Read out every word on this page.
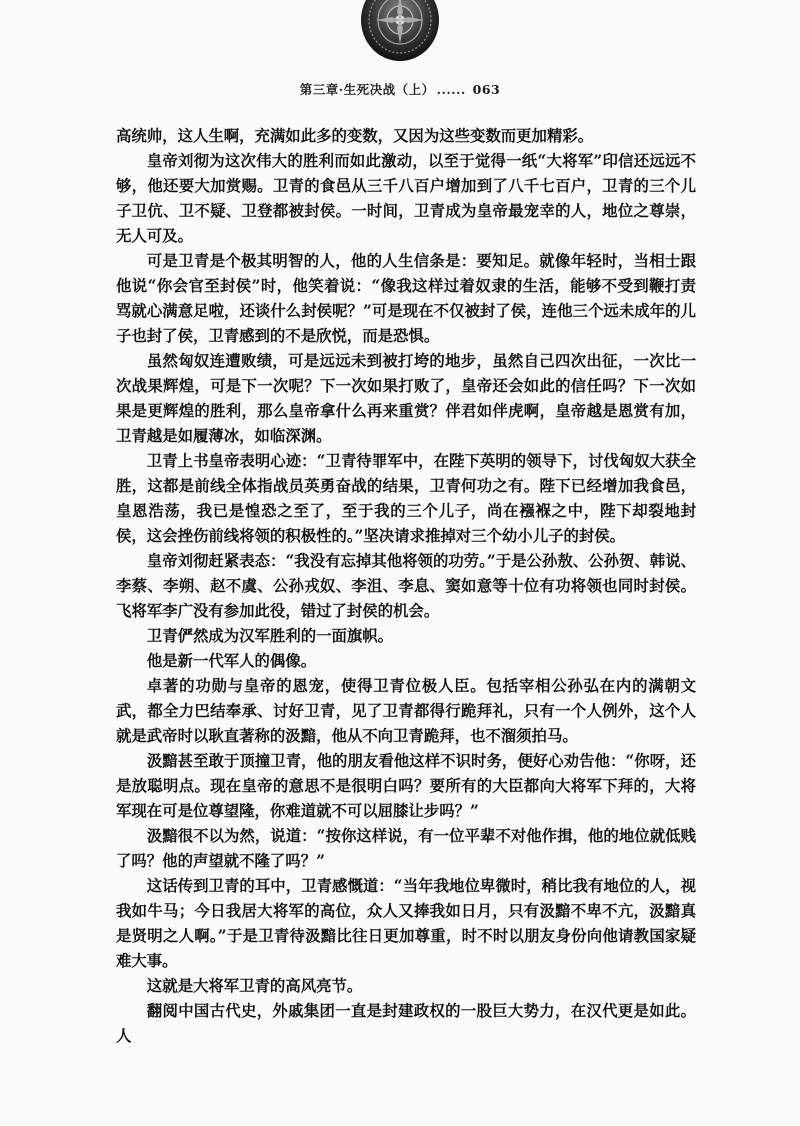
第三章·生死决战（上） ...... 063

高统帅，这人生啊，充满如此多的变数，又因为这些变数而更加精彩。

皇帝刘彻为这次伟大的胜利而如此激动，以至于觉得一纸“大将军”印信还远远不够，他还要大加赏赐。卫青的食邑从三千八百户增加到了八千七百户，卫青的三个儿子卫伉、卫不疑、卫登都被封侯。一时间，卫青成为皇帝最宠幸的人，地位之尊崇，无人可及。

可是卫青是个极其明智的人，他的人生信条是：要知足。就像年轻时，当相士跟他说“你会官至封侯”时，他笑着说：“像我这样过着奴隶的生活，能够不受到鞭打责骂就心满意足啦，还谈什么封侯呢？”可是现在不仅被封了侯，连他三个远未成年的儿子也封了侯，卫青感到的不是欣悦，而是恐惧。

虽然匈奴连遭败绩，可是远远未到被打垮的地步，虽然自己四次出征，一次比一次战果辉煌，可是下一次呢？下一次如果打败了，皇帝还会如此的信任吗？下一次如果是更辉煌的胜利，那么皇帝拿什么再来重赏？伴君如伴虎啊，皇帝越是恩赏有加，卫青越是如履薄冰，如临深渊。

卫青上书皇帝表明心迹：“卫青待罪军中，在陛下英明的领导下，讨伐匈奴大获全胜，这都是前线全体指战员英勇奋战的结果，卫青何功之有。陛下已经增加我食邑，皇恩浩荡，我已是惶恐之至了，至于我的三个儿子，尚在襁褓之中，陛下却裂地封侯，这会挫伤前线将领的积极性的。”坚决请求推掉对三个幼小儿子的封侯。

皇帝刘彻赶紧表态：“我没有忘掉其他将领的功劳。”于是公孙敖、公孙贺、韩说、李蔡、李朔、赵不虞、公孙戎奴、李沮、李息、窦如意等十位有功将领也同时封侯。飞将军李广没有参加此役，错过了封侯的机会。

卫青俨然成为汉军胜利的一面旗帜。

他是新一代军人的偶像。

卓著的功勋与皇帝的恩宠，使得卫青位极人臣。包括宰相公孙弘在内的满朝文武，都全力巴结奉承、讨好卫青，见了卫青都得行跪拜礼，只有一个人例外，这个人就是武帝时以耿直著称的汲黯，他从不向卫青跪拜，也不溜须拍马。

汲黯甚至敢于顶撞卫青，他的朋友看他这样不识时务，便好心劝告他：“你呀，还是放聪明点。现在皇帝的意思不是很明白吗？要所有的大臣都向大将军下拜的，大将军现在可是位尊望隆，你难道就不可以屈膝让步吗？”

汲黯很不以为然，说道：“按你这样说，有一位平辈不对他作揖，他的地位就低贱了吗？他的声望就不隆了吗？”

这话传到卫青的耳中，卫青感慨道：“当年我地位卑微时，稍比我有地位的人，视我如牛马；今日我居大将军的高位，众人又捧我如日月，只有汲黯不卑不亢，汲黯真是贤明之人啊。”于是卫青待汲黯比往日更加尊重，时不时以朋友身份向他请教国家疑难大事。

这就是大将军卫青的高风亮节。

翻阅中国古代史，外戚集团一直是封建政权的一股巨大势力，在汉代更是如此。人
